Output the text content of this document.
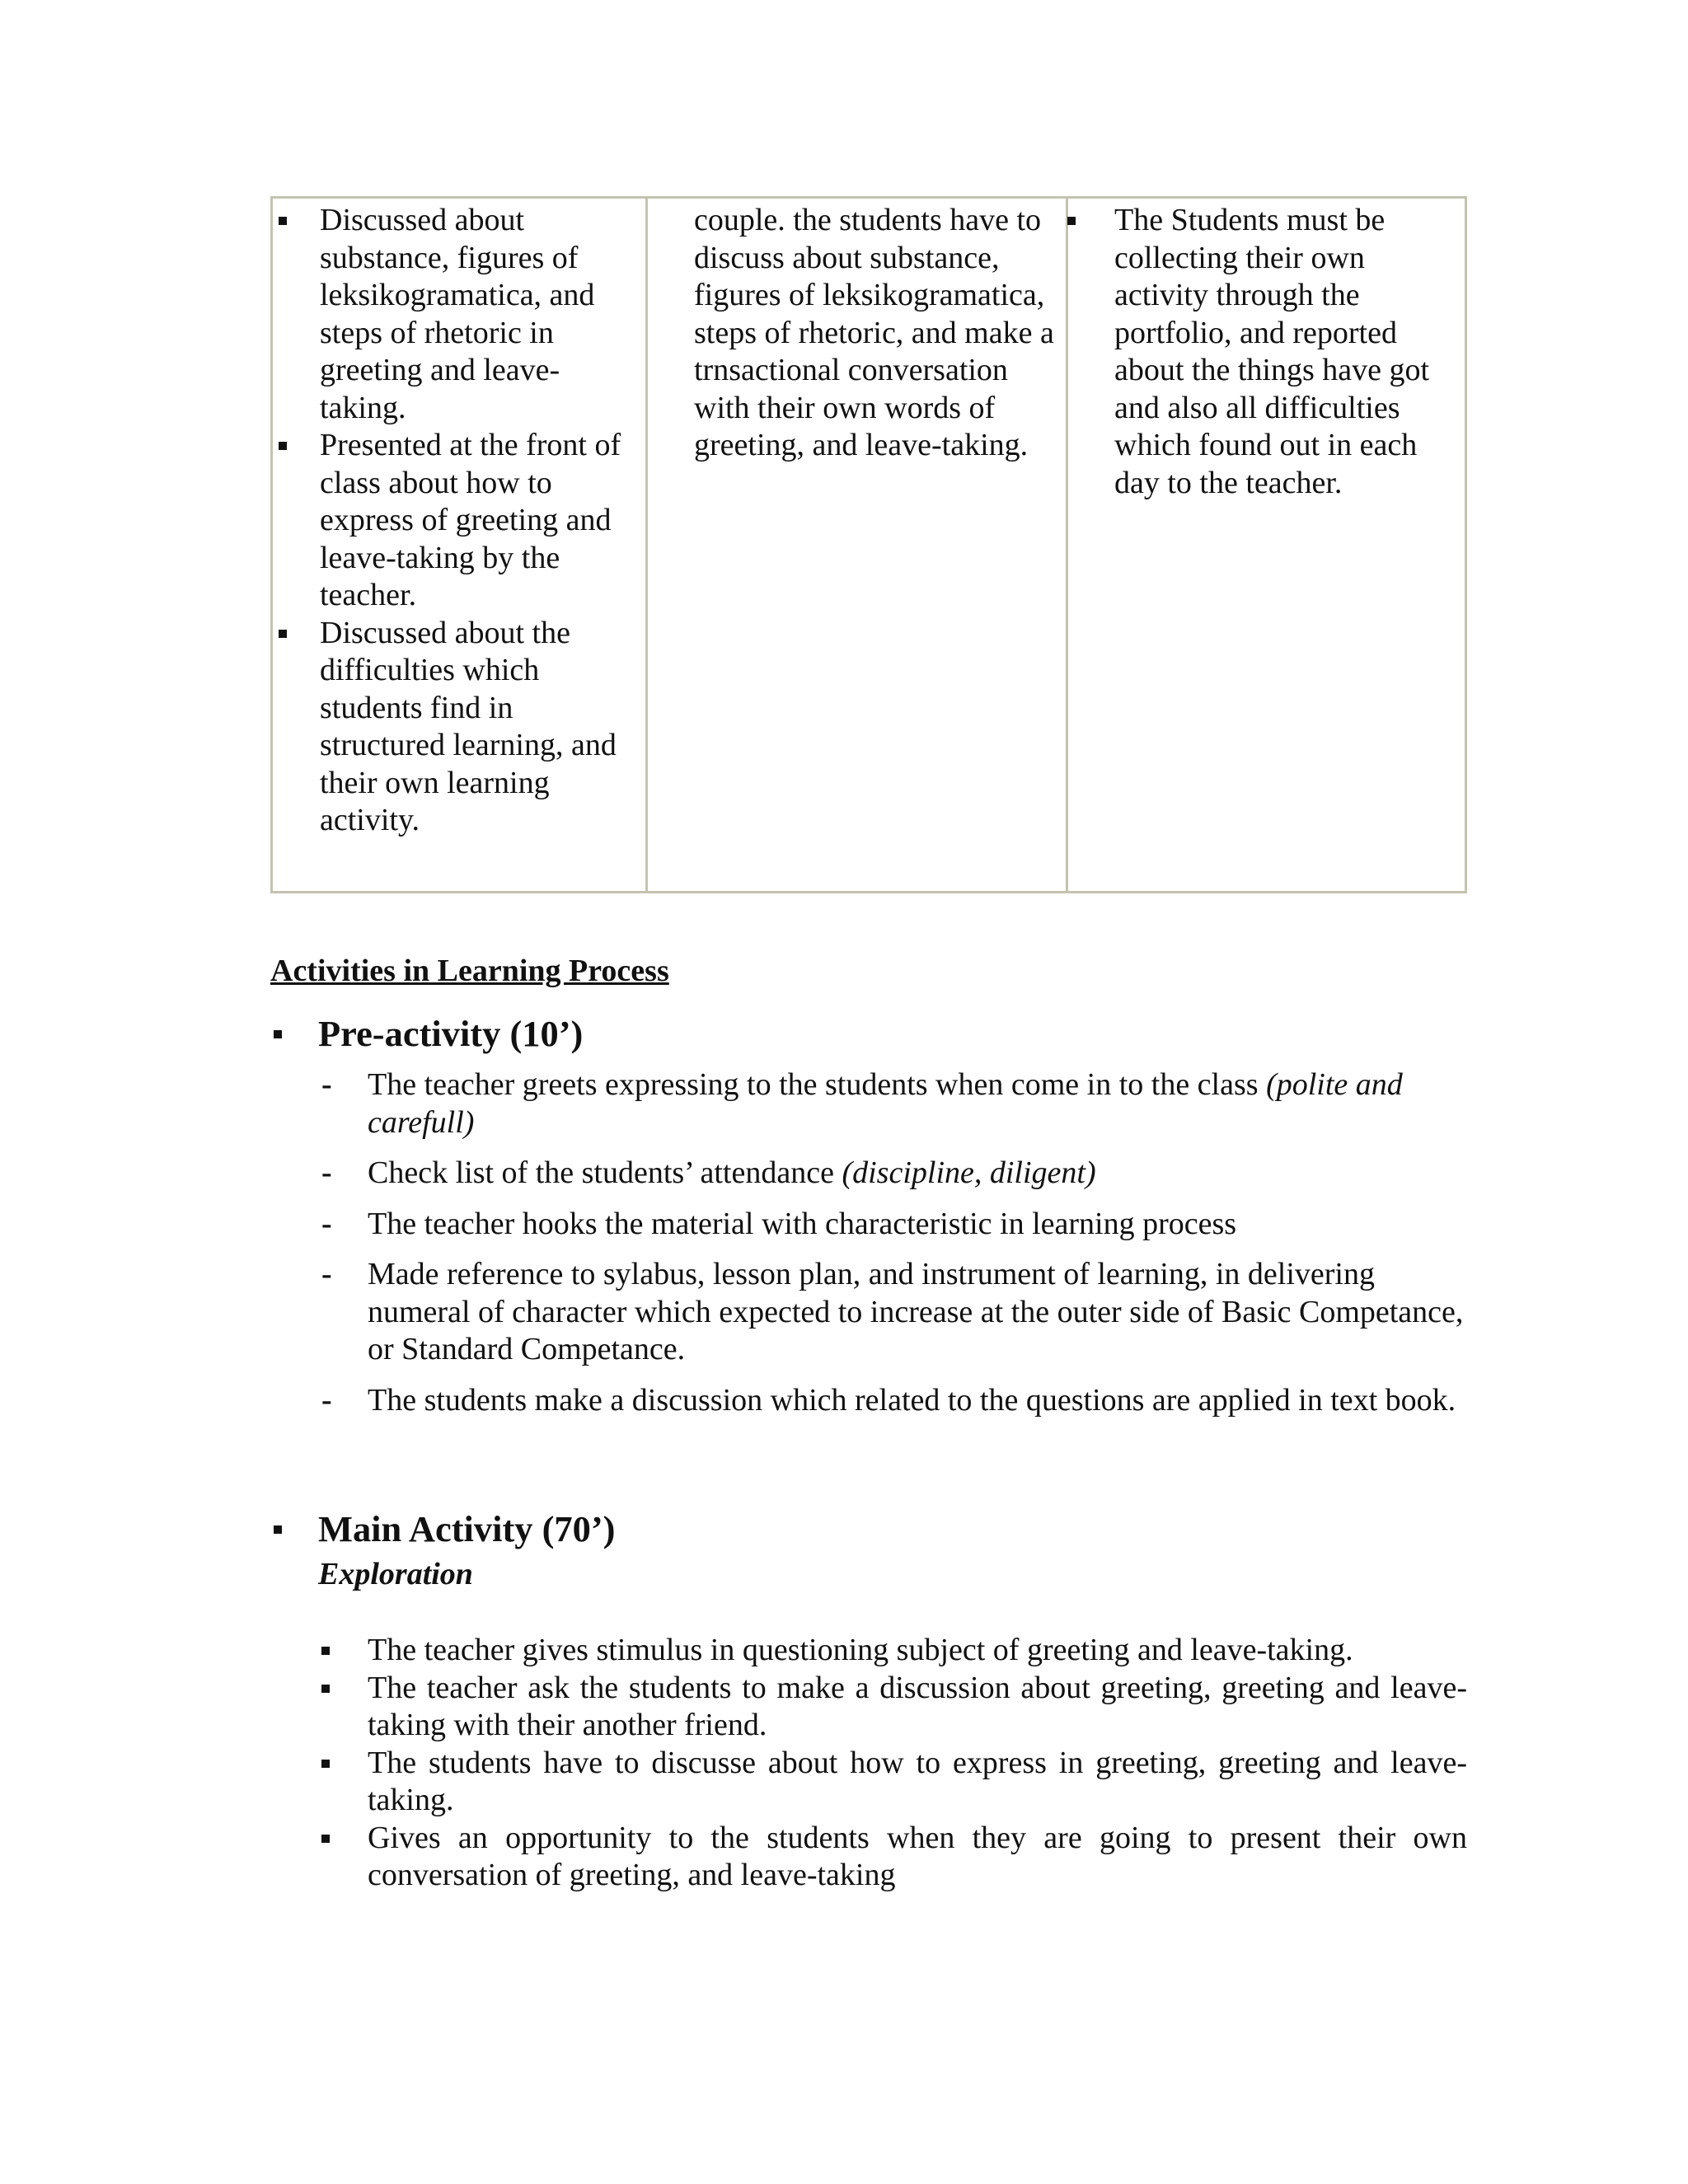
Discussed about substance, figures of leksikogramatica, and steps of rhetoric in greeting and leave-taking.
Presented at the front of class about how to express of greeting and leave-taking by the teacher.
Discussed about the difficulties which students find in structured learning, and their own learning activity.

couple. the students have to discuss about substance, figures of leksikogramatica, steps of rhetoric, and make a trnsactional conversation with their own words of greeting, and leave-taking.

The Students must be collecting their own activity through the portfolio, and reported about the things have got and also all difficulties which found out in each day to the teacher.
Activities in Learning Process
Pre-activity (10’)
- The teacher greets expressing to the students when come in to the class (polite and carefull)
- Check list of the students’ attendance (discipline, diligent)
- The teacher hooks the material with characteristic in learning process
- Made reference to sylabus, lesson plan, and instrument of learning, in delivering numeral of character which expected to increase at the outer side of Basic Competance, or Standard Competance.
- The students make a discussion which related to the questions are applied in text book.
Main Activity (70’)
Exploration
The teacher gives stimulus in questioning subject of greeting and leave-taking.
The teacher ask the students to make a discussion about greeting, greeting and leave-taking with their another friend.
The students have to discusse about how to express in greeting, greeting and leave-taking.
Gives an opportunity to the students when they are going to present their own conversation of greeting, and leave-taking
